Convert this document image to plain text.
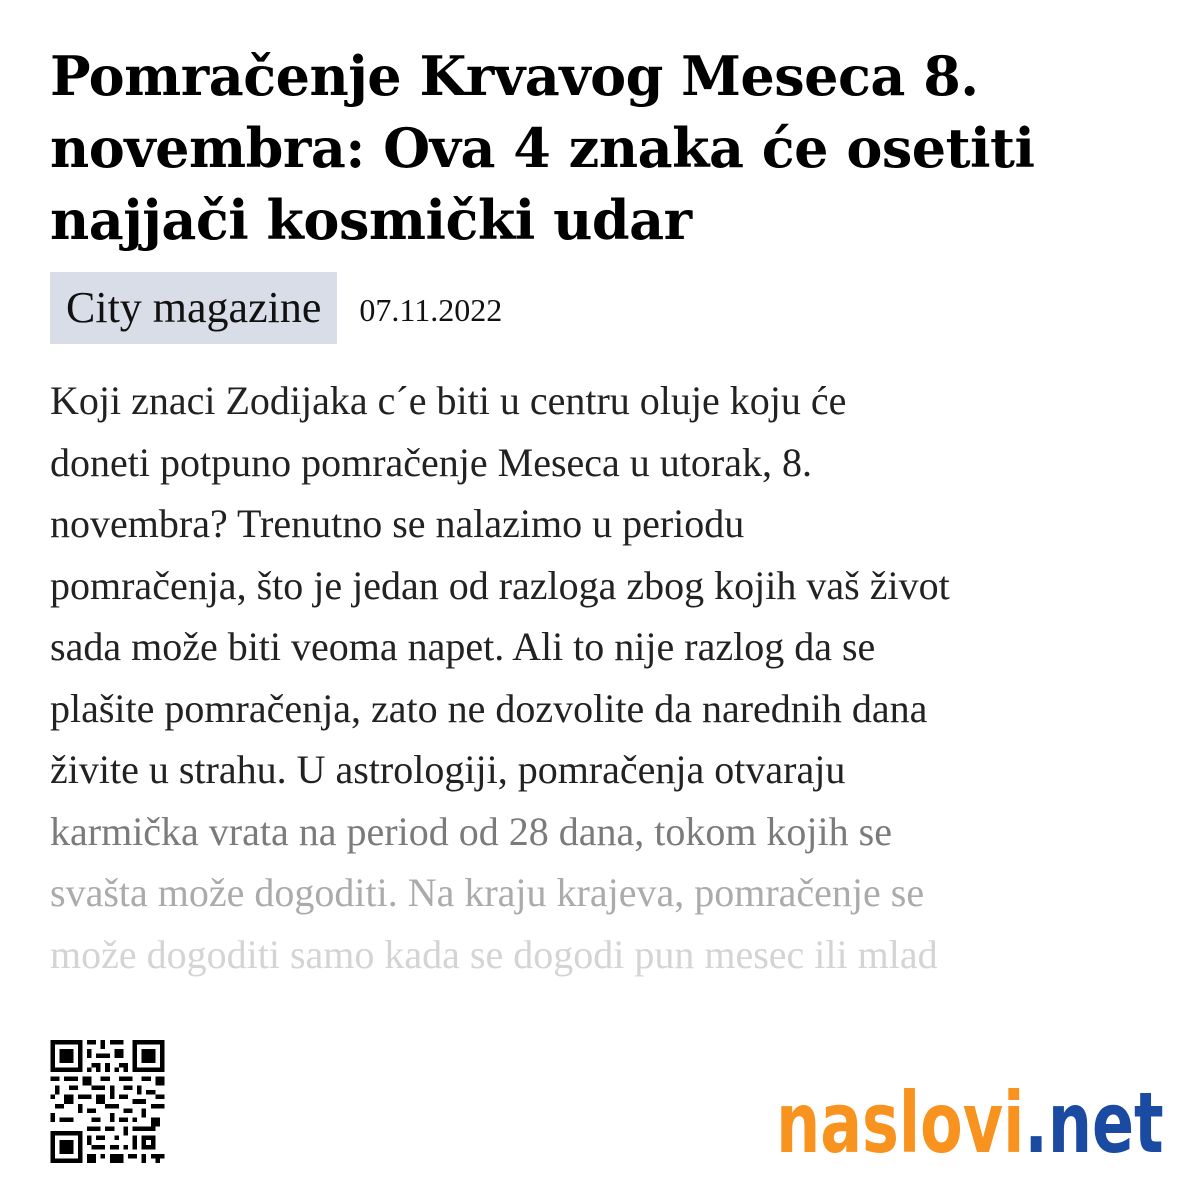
Pomračenje Krvavog Meseca 8. novembra: Ova 4 znaka će osetiti najjači kosmički udar
City magazine	07.11.2022
Koji znaci Zodijaka c´e biti u centru oluje koju će
doneti potpuno pomračenje Meseca u utorak, 8.
novembra? Trenutno se nalazimo u periodu
pomračenja, što je jedan od razloga zbog kojih vaš život
sada može biti veoma napet. Ali to nije razlog da se
plašite pomračenja, zato ne dozvolite da narednih dana
živite u strahu. U astrologiji, pomračenja otvaraju
karmička vrata na period od 28 dana, tokom kojih se
svašta može dogoditi. Na kraju krajeva, pomračenje se
može dogoditi samo kada se dogodi pun mesec ili mlad
naslovi .net
